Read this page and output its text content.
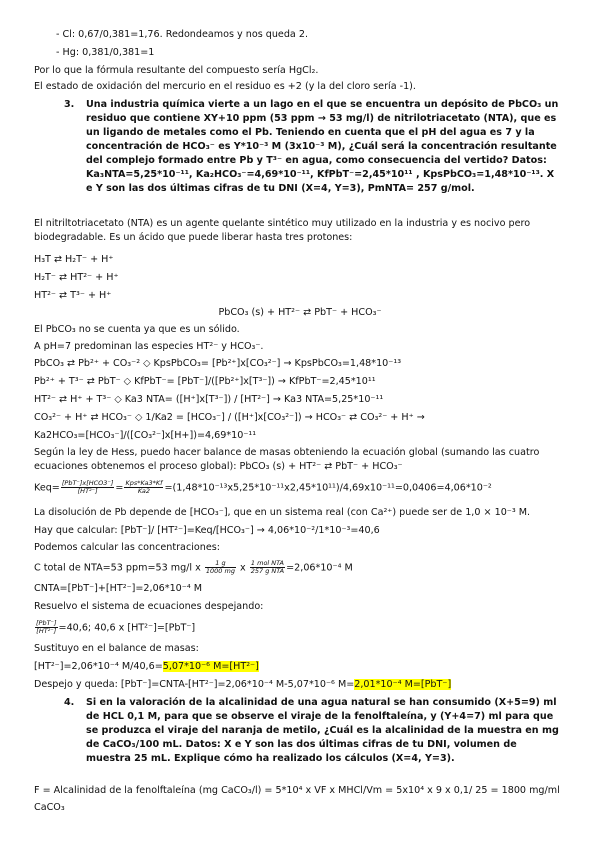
- Cl: 0,67/0,381=1,76. Redondeamos y nos queda 2.
- Hg: 0,381/0,381=1
Por lo que la fórmula resultante del compuesto sería HgCl₂.
El estado de oxidación del mercurio en el residuo es +2 (y la del cloro sería -1).
3. Una industria química vierte a un lago en el que se encuentra un depósito de PbCO₃ un residuo que contiene XY+10 ppm (53 ppm → 53 mg/l) de nitrilotriacetato (NTA), que es un ligando de metales como el Pb. Teniendo en cuenta que el pH del agua es 7 y la concentración de HCO₃⁻ es Y*10⁻³ M (3x10⁻³ M), ¿Cuál será la concentración resultante del complejo formado entre Pb y T³⁻ en agua, como consecuencia del vertido? Datos: Ka₃NTA=5,25*10⁻¹¹, Ka₂HCO₃⁻=4,69*10⁻¹¹, KfPbT⁻=2,45*10¹¹ , KpsPbCO₃=1,48*10⁻¹³. X e Y son las dos últimas cifras de tu DNI (X=4, Y=3), PmNTA= 257 g/mol.
El nitriltotriacetato (NTA) es un agente quelante sintético muy utilizado en la industria y es nocivo pero biodegradable. Es un ácido que puede liberar hasta tres protones:
H₃T ⇄ H₂T⁻ + H⁺
H₂T⁻ ⇄ HT²⁻ + H⁺
HT²⁻ ⇄ T³⁻ + H⁺
PbCO₃ (s) + HT²⁻ ⇄ PbT⁻ + HCO₃⁻
El PbCO₃ no se cuenta ya que es un sólido.
A pH=7 predominan las especies HT²⁻ y HCO₃⁻.
PbCO₃ ⇄ Pb²⁺ + CO₃⁻² ◇ KpsPbCO₃= [Pb²⁺]x[CO₃²⁻] → KpsPbCO₃=1,48*10⁻¹³
Pb²⁺ + T³⁻ ⇄ PbT⁻ ◇ KfPbT⁻= [PbT⁻]/([Pb²⁺]x[T³⁻]) → KfPbT⁻=2,45*10¹¹
HT²⁻ ⇄ H⁺ + T³⁻ ◇ Ka3 NTA= ([H⁺]x[T³⁻]) / [HT²⁻] → Ka3 NTA=5,25*10⁻¹¹
CO₃²⁻ + H⁺ ⇄ HCO₃⁻ ◇ 1/Ka2 = [HCO₃⁻] / ([H⁺]x[CO₃²⁻]) → HCO₃⁻ ⇄ CO₃²⁻ + H⁺ →
Ka2HCO₃=[HCO₃⁻]/([CO₃²⁻]x[H+])=4,69*10⁻¹¹
Según la ley de Hess, puedo hacer balance de masas obteniendo la ecuación global (sumando las cuatro ecuaciones obtenemos el proceso global): PbCO₃ (s) + HT²⁻ ⇄ PbT⁻ + HCO₃⁻
$Keq= \frac{\text{[PbT⁻]x[HCO3⁻]}}{\text{[HT²⁻]}} = \frac{\text{Kps*Ka3*Kf}}{Ka2} =(1,48*10^{-13}x5,25*10^{-11}x2,45*10^{11})/4,69x10^{-11}=0,0406=4,06*10^{-2}$
La disolución de Pb depende de [HCO₃⁻], que en un sistema real (con Ca²⁺) puede ser de 1,0 × 10⁻³ M.
Hay que calcular: [PbT⁻]/ [HT²⁻]=Keq/[HCO₃⁻] → 4,06*10⁻²/1*10⁻³=40,6
Podemos calcular las concentraciones:
C total de NTA=53 ppm=53 mg/l x $\frac{1 g}{1000 mg}$ x $\frac{\text{1 mol NTA}}{\text{257 g NTA}} =2,06*10^{-4}$ M
CNTA=[PbT⁻]+[HT²⁻]=2,06*10⁻⁴ M
Resuelvo el sistema de ecuaciones despejando:
$\frac{\text{[PbT⁻]}}{\text{[HT²⁻]}} =40,6$; 40,6 x [HT²⁻]=[PbT⁻]
Sustituyo en el balance de masas:
[HT²⁻]=2,06*10⁻⁴ M/40,6=5,07*10⁻⁶ M=[HT²⁻]
Despejo y queda: [PbT⁻]=CNTA-[HT²⁻]=2,06*10⁻⁴ M-5,07*10⁻⁶ M=2,01*10⁻⁴ M=[PbT⁻]
4. Si en la valoración de la alcalinidad de una agua natural se han consumido (X+5=9) ml de HCL 0,1 M, para que se observe el viraje de la fenolftaleína, y (Y+4=7) ml para que se produzca el viraje del naranja de metilo, ¿Cuál es la alcalinidad de la muestra en mg de CaCO₃/100 mL. Datos: X e Y son las dos últimas cifras de tu DNI, volumen de muestra 25 mL. Explique cómo ha realizado los cálculos (X=4, Y=3).
F = Alcalinidad de la fenolftaleína (mg CaCO₃/l) = 5*10⁴ x VF x MHCl/Vm = 5x10⁴ x 9 x 0,1/ 25 = 1800 mg/ml
CaCO₃
